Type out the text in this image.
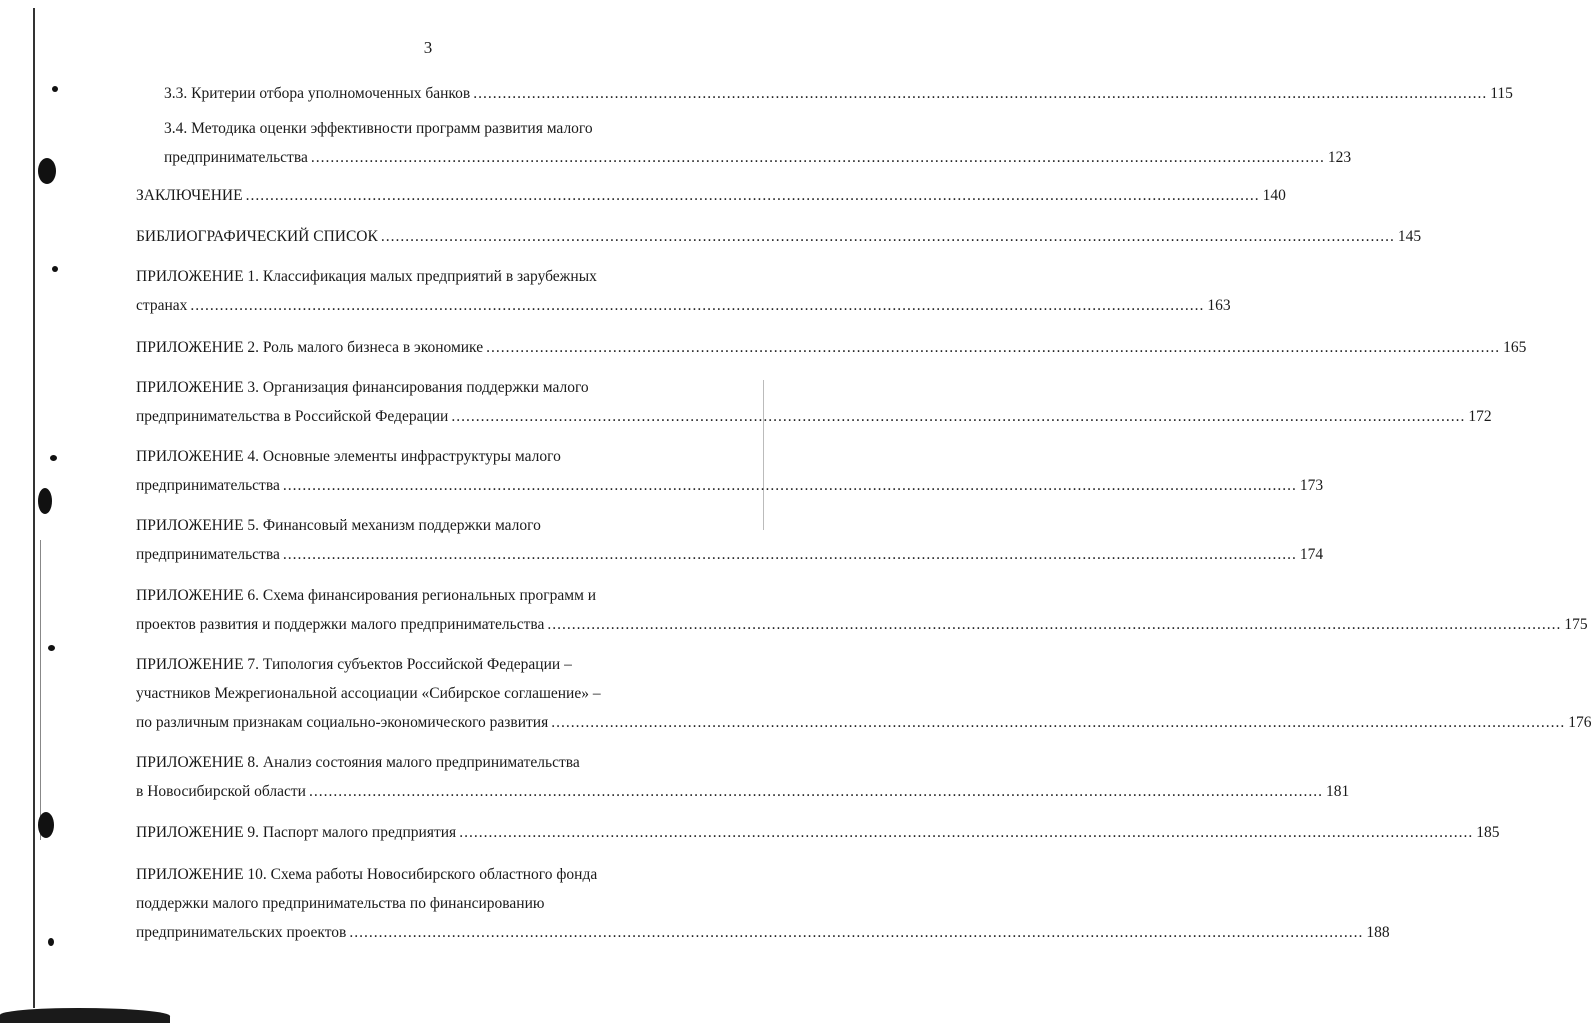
3
3.3. Критерии отбора уполномоченных банков .....	115
3.4. Методика оценки эффективности программ развития малого
предпринимательства .....	123
ЗАКЛЮЧЕНИЕ .....	140
БИБЛИОГРАФИЧЕСКИЙ СПИСОК .....	145
ПРИЛОЖЕНИЕ 1. Классификация малых предприятий в зарубежных
странах .....	163
ПРИЛОЖЕНИЕ 2. Роль малого бизнеса в экономике .....	165
ПРИЛОЖЕНИЕ 3. Организация финансирования поддержки малого
предпринимательства в Российской Федерации .....	172
ПРИЛОЖЕНИЕ 4. Основные элементы инфраструктуры малого
предпринимательства .....	173
ПРИЛОЖЕНИЕ 5. Финансовый механизм поддержки малого
предпринимательства .....	174
ПРИЛОЖЕНИЕ 6. Схема финансирования региональных программ и
проектов развития и поддержки малого предпринимательства .....	175
ПРИЛОЖЕНИЕ 7. Типология субъектов Российской Федерации –
участников Межрегиональной ассоциации «Сибирское соглашение» –
по различным признакам социально-экономического развития .....	176
ПРИЛОЖЕНИЕ 8. Анализ состояния малого предпринимательства
в Новосибирской области .....	181
ПРИЛОЖЕНИЕ 9. Паспорт малого предприятия .....	185
ПРИЛОЖЕНИЕ 10. Схема работы Новосибирского областного фонда
поддержки малого предпринимательства по финансированию
предпринимательских проектов .....	188
